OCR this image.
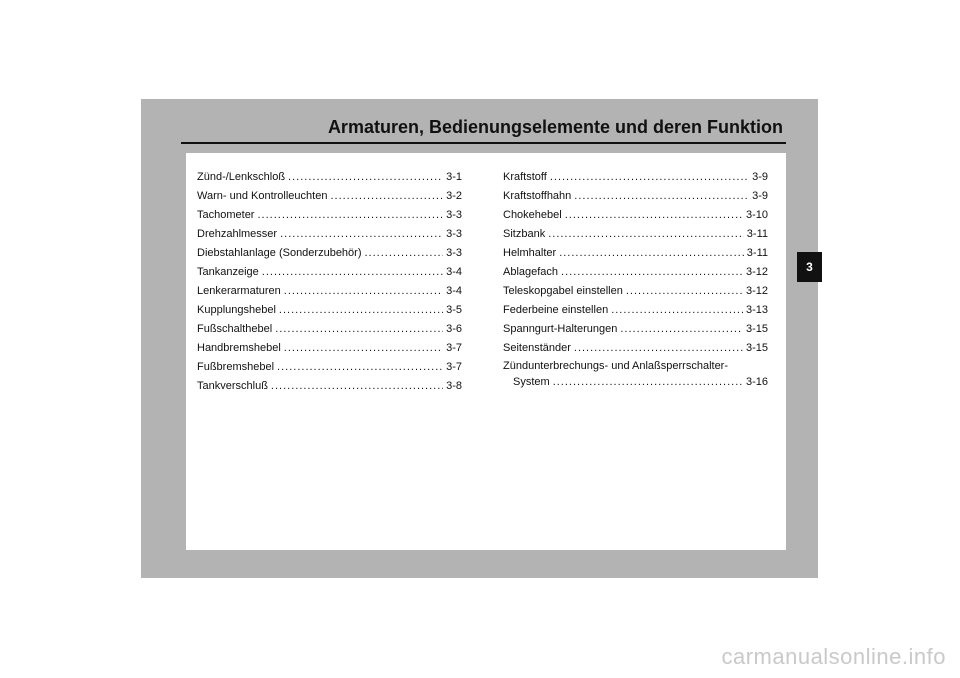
Armaturen, Bedienungselemente und deren Funktion
Zünd-/Lenkschloß .....	3-1
Warn- und Kontrolleuchten .....	3-2
Tachometer .....	3-3
Drehzahlmesser .....	3-3
Diebstahlanlage (Sonderzubehör) .....	3-3
Tankanzeige .....	3-4
Lenkerarmaturen .....	3-4
Kupplungshebel .....	3-5
Fußschalthebel .....	3-6
Handbremshebel .....	3-7
Fußbremshebel .....	3-7
Tankverschluß .....	3-8
Kraftstoff .....	3-9
Kraftstoffhahn .....	3-9
Chokehebel .....	3-10
Sitzbank .....	3-11
Helmhalter .....	3-11
Ablagefach .....	3-12
Teleskopgabel einstellen .....	3-12
Federbeine einstellen .....	3-13
Spanngurt-Halterungen .....	3-15
Seitenständer .....	3-15
Zündunterbrechungs- und Anlaßsperrschalter-
System .....	3-16
3
carmanualsonline.info
